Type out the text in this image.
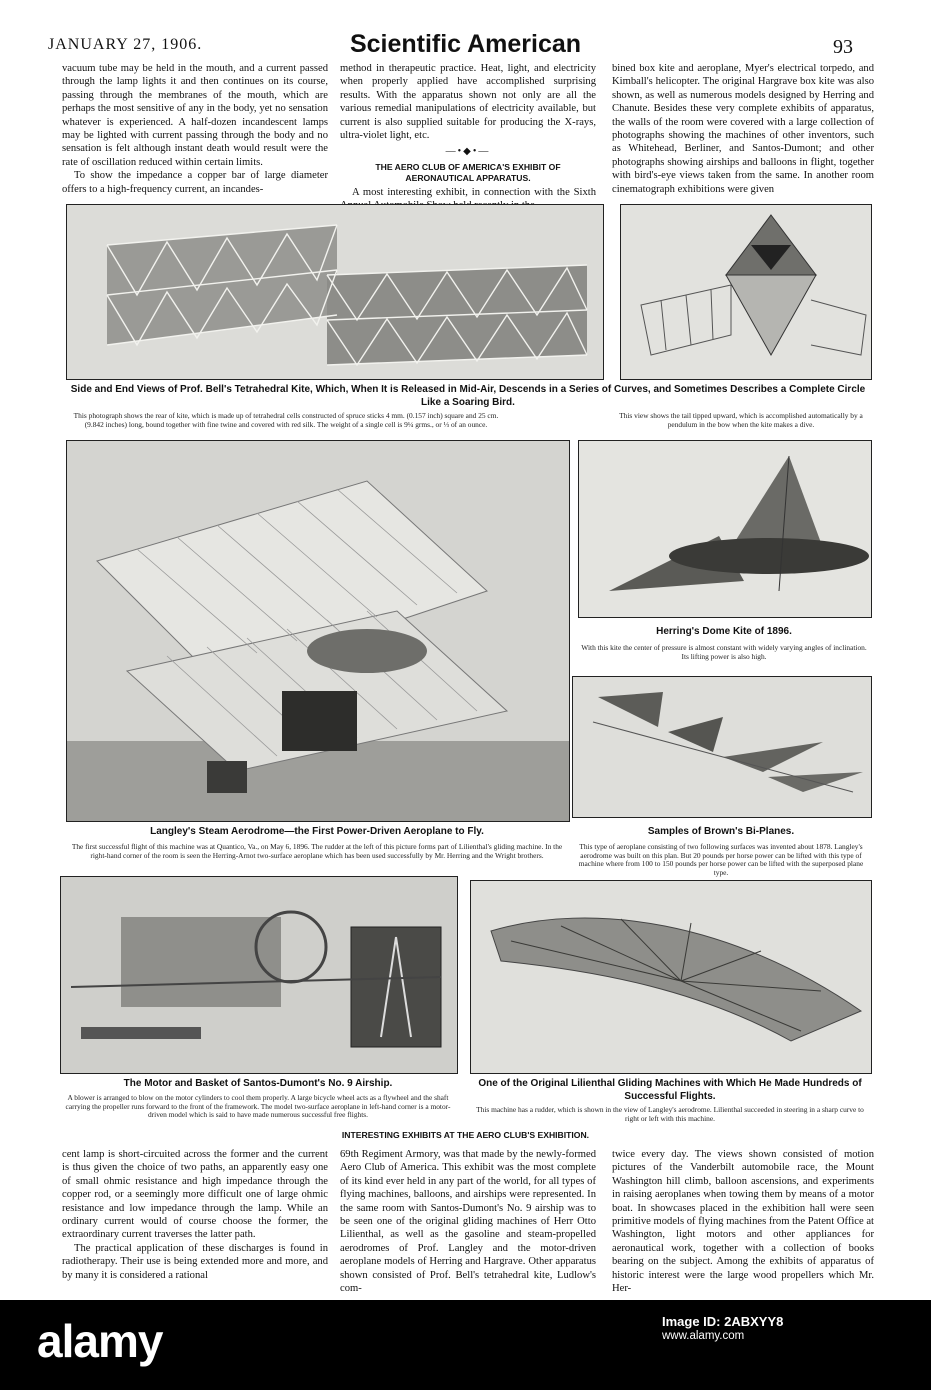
JANUARY 27, 1906.	Scientific American	93

vacuum tube may be held in the mouth, and a current passed through the lamp lights it and then continues on its course, passing through the membranes of the mouth, which are perhaps the most sensitive of any in the body, yet no sensation whatever is experienced. A half-dozen incandescent lamps may be lighted with current passing through the body and no sensation is felt although instant death would result were the rate of oscillation reduced within certain limits.

To show the impedance a copper bar of large diameter offers to a high-frequency current, an incandes-

method in therapeutic practice. Heat, light, and electricity when properly applied have accomplished surprising results. With the apparatus shown not only are all the various remedial manipulations of electricity available, but current is also supplied suitable for producing the X-rays, ultra-violet light, etc.

—•◆•—
THE AERO CLUB OF AMERICA'S EXHIBIT OF AERONAUTICAL APPARATUS.

A most interesting exhibit, in connection with the Sixth

bined box kite and aeroplane, Myer's electrical torpedo, and Kimball's helicopter. The original Hargrave box kite was also shown, as well as numerous models designed by Herring and Chanute. Besides these very complete exhibits of apparatus, the walls of the room were covered with a large collection of photographs showing the machines of other inventors, such as Whitehead, Berliner, and Santos-Dumont; and other photographs showing airships and balloons in flight, together with bird's-eye views taken from the same. In another room cinematograph exhibitions were given

Side and End Views of Prof. Bell's Tetrahedral Kite, Which, When It is Released in Mid-Air, Descends in a Series of Curves, and Sometimes Describes a Complete Circle Like a Soaring Bird.
This photograph shows the rear of kite, which is made up of tetrahedral cells constructed of spruce sticks 4 mm. (0.157 inch) square and 25 cm. (9.842 inches) long, bound together with fine twine and covered with red silk. The weight of a single cell is 9¼ grms., or ⅓ of an ounce.
This view shows the tail tipped upward, which is accomplished automatically by a pendulum in the bow when the kite makes a dive.
Herring's Dome Kite of 1896.
With this kite the center of pressure is almost constant with widely varying angles of inclination. Its lifting power is also high.
Langley's Steam Aerodrome—the First Power-Driven Aeroplane to Fly.
The first successful flight of this machine was at Quantico, Va., on May 6, 1896. The rudder at the left of this picture forms part of Lilienthal's gliding machine. In the right-hand corner of the room is seen the Herring-Arnot two-surface aeroplane which has been used successfully by Mr. Herring and the Wright brothers.
Samples of Brown's Bi-Planes.
This type of aeroplane consisting of two following surfaces was invented about 1878. Langley's aerodrome was built on this plan. But 20 pounds per horse power can be lifted with this type of machine where from 100 to 150 pounds per horse power can be lifted with the superposed plane type.
The Motor and Basket of Santos-Dumont's No. 9 Airship.
A blower is arranged to blow on the motor cylinders to cool them properly. A large bicycle wheel acts as a flywheel and the shaft carrying the propeller runs forward to the front of the framework. The model two-surface aeroplane in left-hand corner is a motor-driven model which is said to have made numerous successful free flights.
One of the Original Lilienthal Gliding Machines with Which He Made Hundreds of Successful Flights.
This machine has a rudder, which is shown in the view of Langley's aerodrome. Lilienthal succeeded in steering in a sharp curve to right or left with this machine.
INTERESTING EXHIBITS AT THE AERO CLUB'S EXHIBITION.

cent lamp is short-circuited across the former and the current is thus given the choice of two paths, an apparently easy one of small ohmic resistance and high impedance through the copper rod, or a seemingly more difficult one of large ohmic resistance and low impedance through the lamp. While an ordinary current would of course choose the former, the extraordinary current traverses the latter path.

The practical application of these discharges is found in radiotherapy. Their use is being extended more and more, and by many it is considered a rational

69th Regiment Armory, was that made by the newly-formed Aero Club of America. This exhibit was the most complete of its kind ever held in any part of the world, for all types of flying machines, balloons, and airships were represented. In the same room with Santos-Dumont's No. 9 airship was to be seen one of the original gliding machines of Herr Otto Lilienthal, as well as the gasoline and steam-propelled aerodromes of Prof. Langley and the motor-driven aeroplane models of Herring and Hargrave. Other apparatus shown consisted of Prof. Bell's tetrahedral kite, Ludlow's com-

twice every day. The views shown consisted of motion pictures of the Vanderbilt automobile race, the Mount Washington hill climb, balloon ascensions, and experiments in raising aeroplanes when towing them by means of a motor boat. In showcases placed in the exhibition hall were seen primitive models of flying machines from the Patent Office at Washington, light motors and other appliances for aeronautical work, together with a collection of books bearing on the subject. Among the exhibits of apparatus of historic interest were the large wood propellers which Mr. Her-

alamy	Image ID: 2ABXYY8
www.alamy.com
